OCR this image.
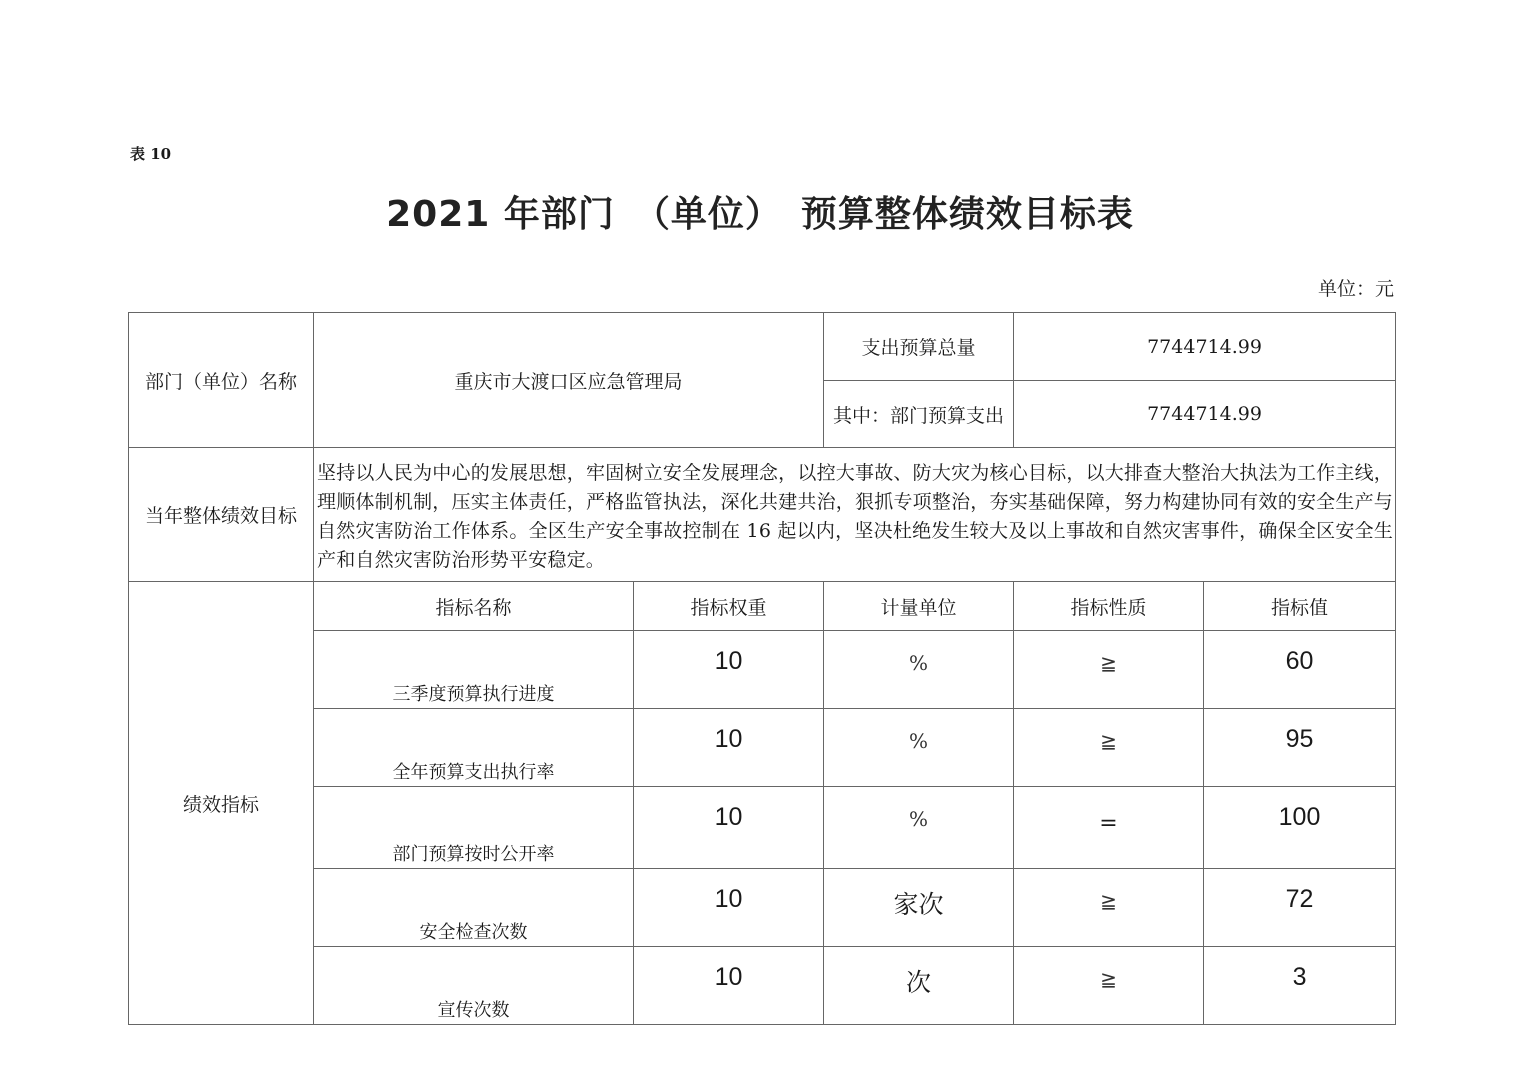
表 10
2021 年部门　（单位）　预算整体绩效目标表
单位：元
部门（单位）名称	重庆市大渡口区应急管理局		支出预算总量	7744714.99	
			其中：部门预算支出	7744714.99	
当年整体绩效目标	坚持以人民为中心的发展思想，牢固树立安全发展理念，以控大事故、防大灾为核心目标，以大排查大整治大执法为工作主线，理顺体制机制，压实主体责任，严格监管执法，深化共建共治，狠抓专项整治，夯实基础保障，努力构建协同有效的安全生产与自然灾害防治工作体系。全区生产安全事故控制在 16 起以内，坚决杜绝发生较大及以上事故和自然灾害事件，确保全区安全生产和自然灾害防治形势平安稳定。				
绩效指标	指标名称	指标权重	计量单位	指标性质	指标值
	三季度预算执行进度	10	%	≧	60
	全年预算支出执行率	10	%	≧	95
	部门预算按时公开率	10	%	=	100
	安全检查次数	10	家次	≧	72
	宣传次数	10	次	≧	3
